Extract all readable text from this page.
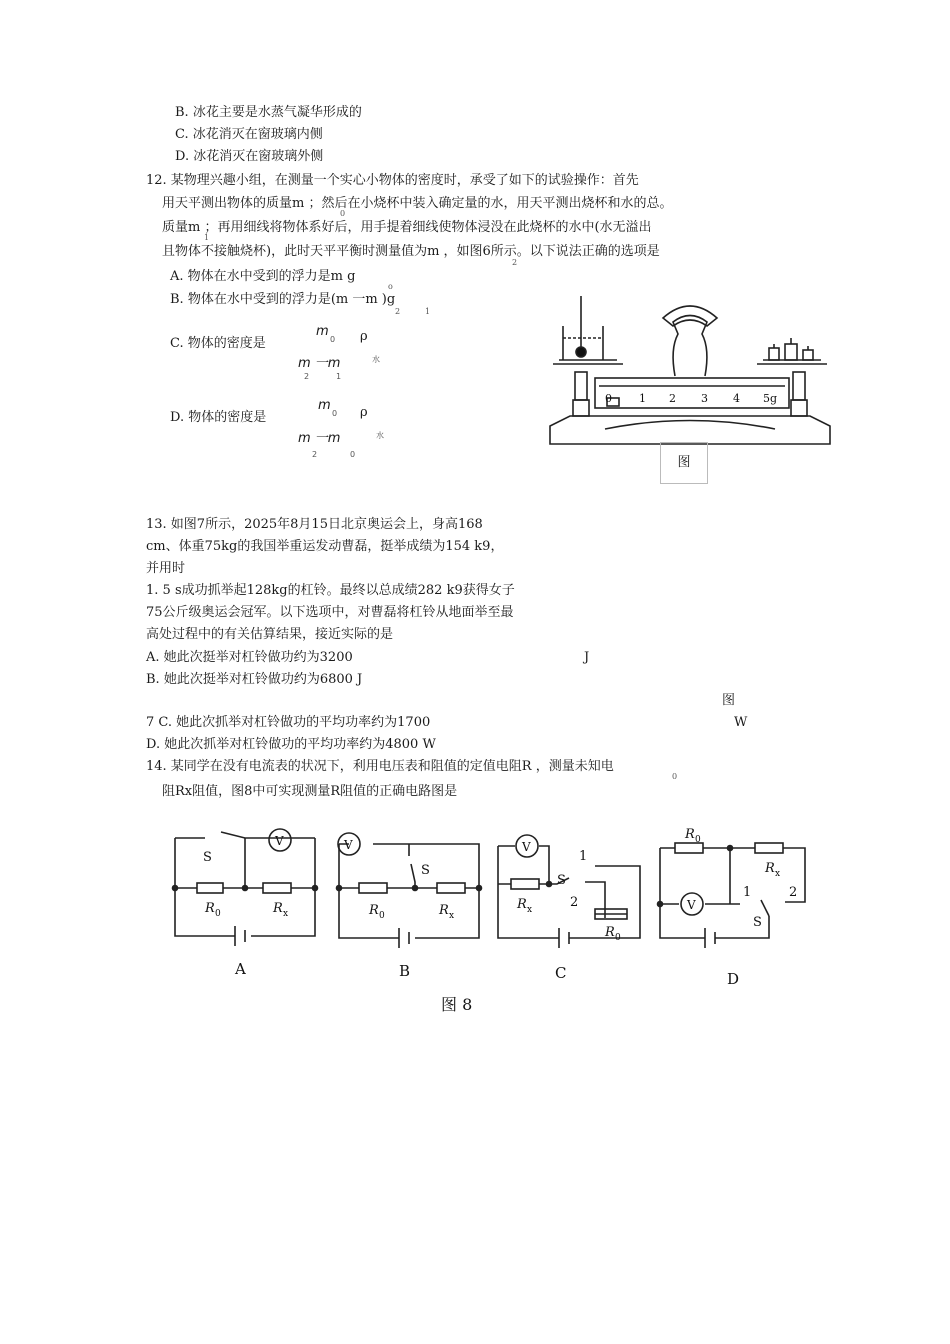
B. 冰花主要是水蒸气凝华形成的
C. 冰花消灭在窗玻璃内侧
D. 冰花消灭在窗玻璃外侧
12. 某物理兴趣小组，在测量一个实心小物体的密度时，承受了如下的试验操作：首先
用天平测出物体的质量m ；然后在小烧杯中装入确定量的水，用天平测出烧杯和水的总。
0
质量m ；再用细线将物体系好后，用手提着细线使物体浸没在此烧杯的水中(水无溢出
1
且物体不接触烧杯)，此时天平平衡时测量值为m ，如图6所示。以下说法正确的选项是
2
A. 物体在水中受到的浮力是m g
o
B. 物体在水中受到的浮力是(m 一m )g
2	1
C. 物体的密度是
m
0 ρ
m 一m
2	1
水
D. 物体的密度是
m
0 ρ
m 一m
2	0
水
0 1 2 3 4 5g
图
13. 如图7所示，2025年8月15日北京奥运会上，身高168
cm、体重75kg的我国举重运发动曹磊，挺举成绩为154 k9，
并用时
1. 5 s成功抓举起128kg的杠铃。最终以总成绩282 k9获得女子
75公斤级奥运会冠军。以下选项中，对曹磊将杠铃从地面举至最
高处过程中的有关估算结果，接近实际的是
A. 她此次挺举对杠铃做功约为3200	J
B. 她此次挺举对杠铃做功约为6800 J
图
7 C. 她此次抓举对杠铃做功的平均功率约为1700	W
D. 她此次抓举对杠铃做功的平均功率约为4800 W
14. 某同学在没有电流表的状况下，利用电压表和阻值的定值电阻R ，测量未知电
0
阻Rx阻值，图8中可实现测量R阻值的正确电路图是
S
V
R 0	R x
A
V
S
R 0	R x
B
V
S
1
2
R x
R 0
C
R 0
R x
V
1	2
S
D
图 8
